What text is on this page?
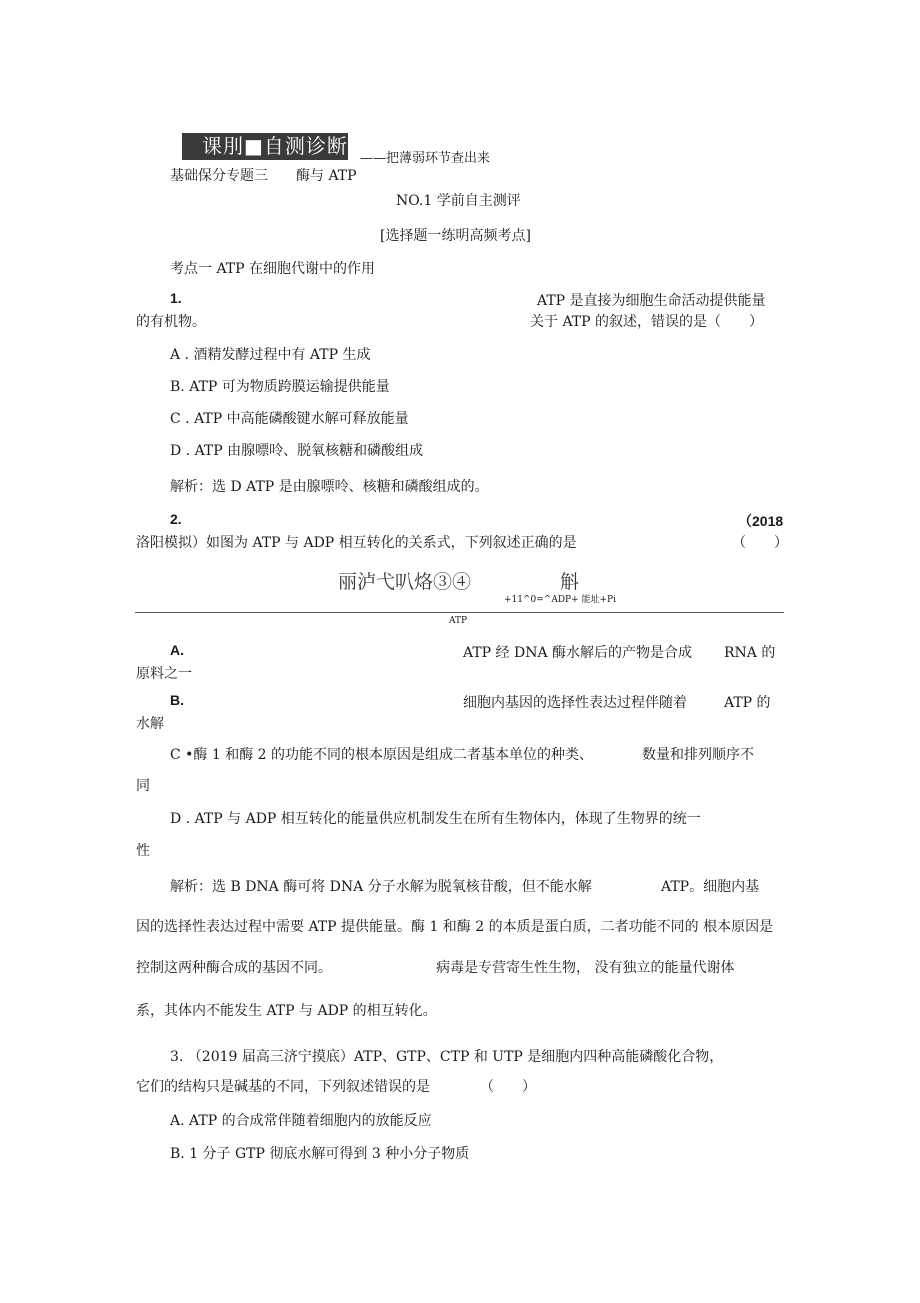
课刖■自测诊断
——把薄弱环节查出来
基础保分专题三　　酶与 ATP
NO.1 学前自主测评
[选择题一练明高频考点]
考点一 ATP 在细胞代谢中的作用
1.	ATP 是直接为细胞生命活动提供能量
的有机物。	关于 ATP 的叙述，错误的是（　　）
A . 酒精发酵过程中有 ATP 生成
B. ATP 可为物质跨膜运输提供能量
C . ATP 中高能磷酸键水解可释放能量
D . ATP 由腺嘌呤、脱氧核糖和磷酸组成
解析：选 D ATP 是由腺嘌呤、核糖和磷酸组成的。
2.	（2018
洛阳模拟）如图为 ATP 与 ADP 相互转化的关系式，下列叙述正确的是	（　　）
丽泸弋叭烙③④	斛
+11^0=^ADP+ 能址+Pi
ATP
A.	ATP 经 DNA 酶水解后的产物是合成 RNA 的
原料之一
B.	细胞内基因的选择性表达过程伴随着	ATP 的
水解
C •酶 1 和酶 2 的功能不同的根本原因是组成二者基本单位的种类、	数量和排列顺序不
同
D . ATP 与 ADP 相互转化的能量供应机制发生在所有生物体内，体现了生物界的统一
性
解析：选 B DNA 酶可将 DNA 分子水解为脱氧核苷酸，但不能水解	ATP。细胞内基
因的选择性表达过程中需要 ATP 提供能量。酶 1 和酶 2 的本质是蛋白质，二者功能不同的 根本原因是
控制这两种酶合成的基因不同。	病毒是专营寄生性生物， 没有独立的能量代谢体
系，其体内不能发生 ATP 与 ADP 的相互转化。
3. （2019 届高三济宁摸底）ATP、GTP、CTP 和 UTP 是细胞内四种高能磷酸化合物，
它们的结构只是碱基的不同，下列叙述错误的是	（　　）
A. ATP 的合成常伴随着细胞内的放能反应
B. 1 分子 GTP 彻底水解可得到 3 种小分子物质
